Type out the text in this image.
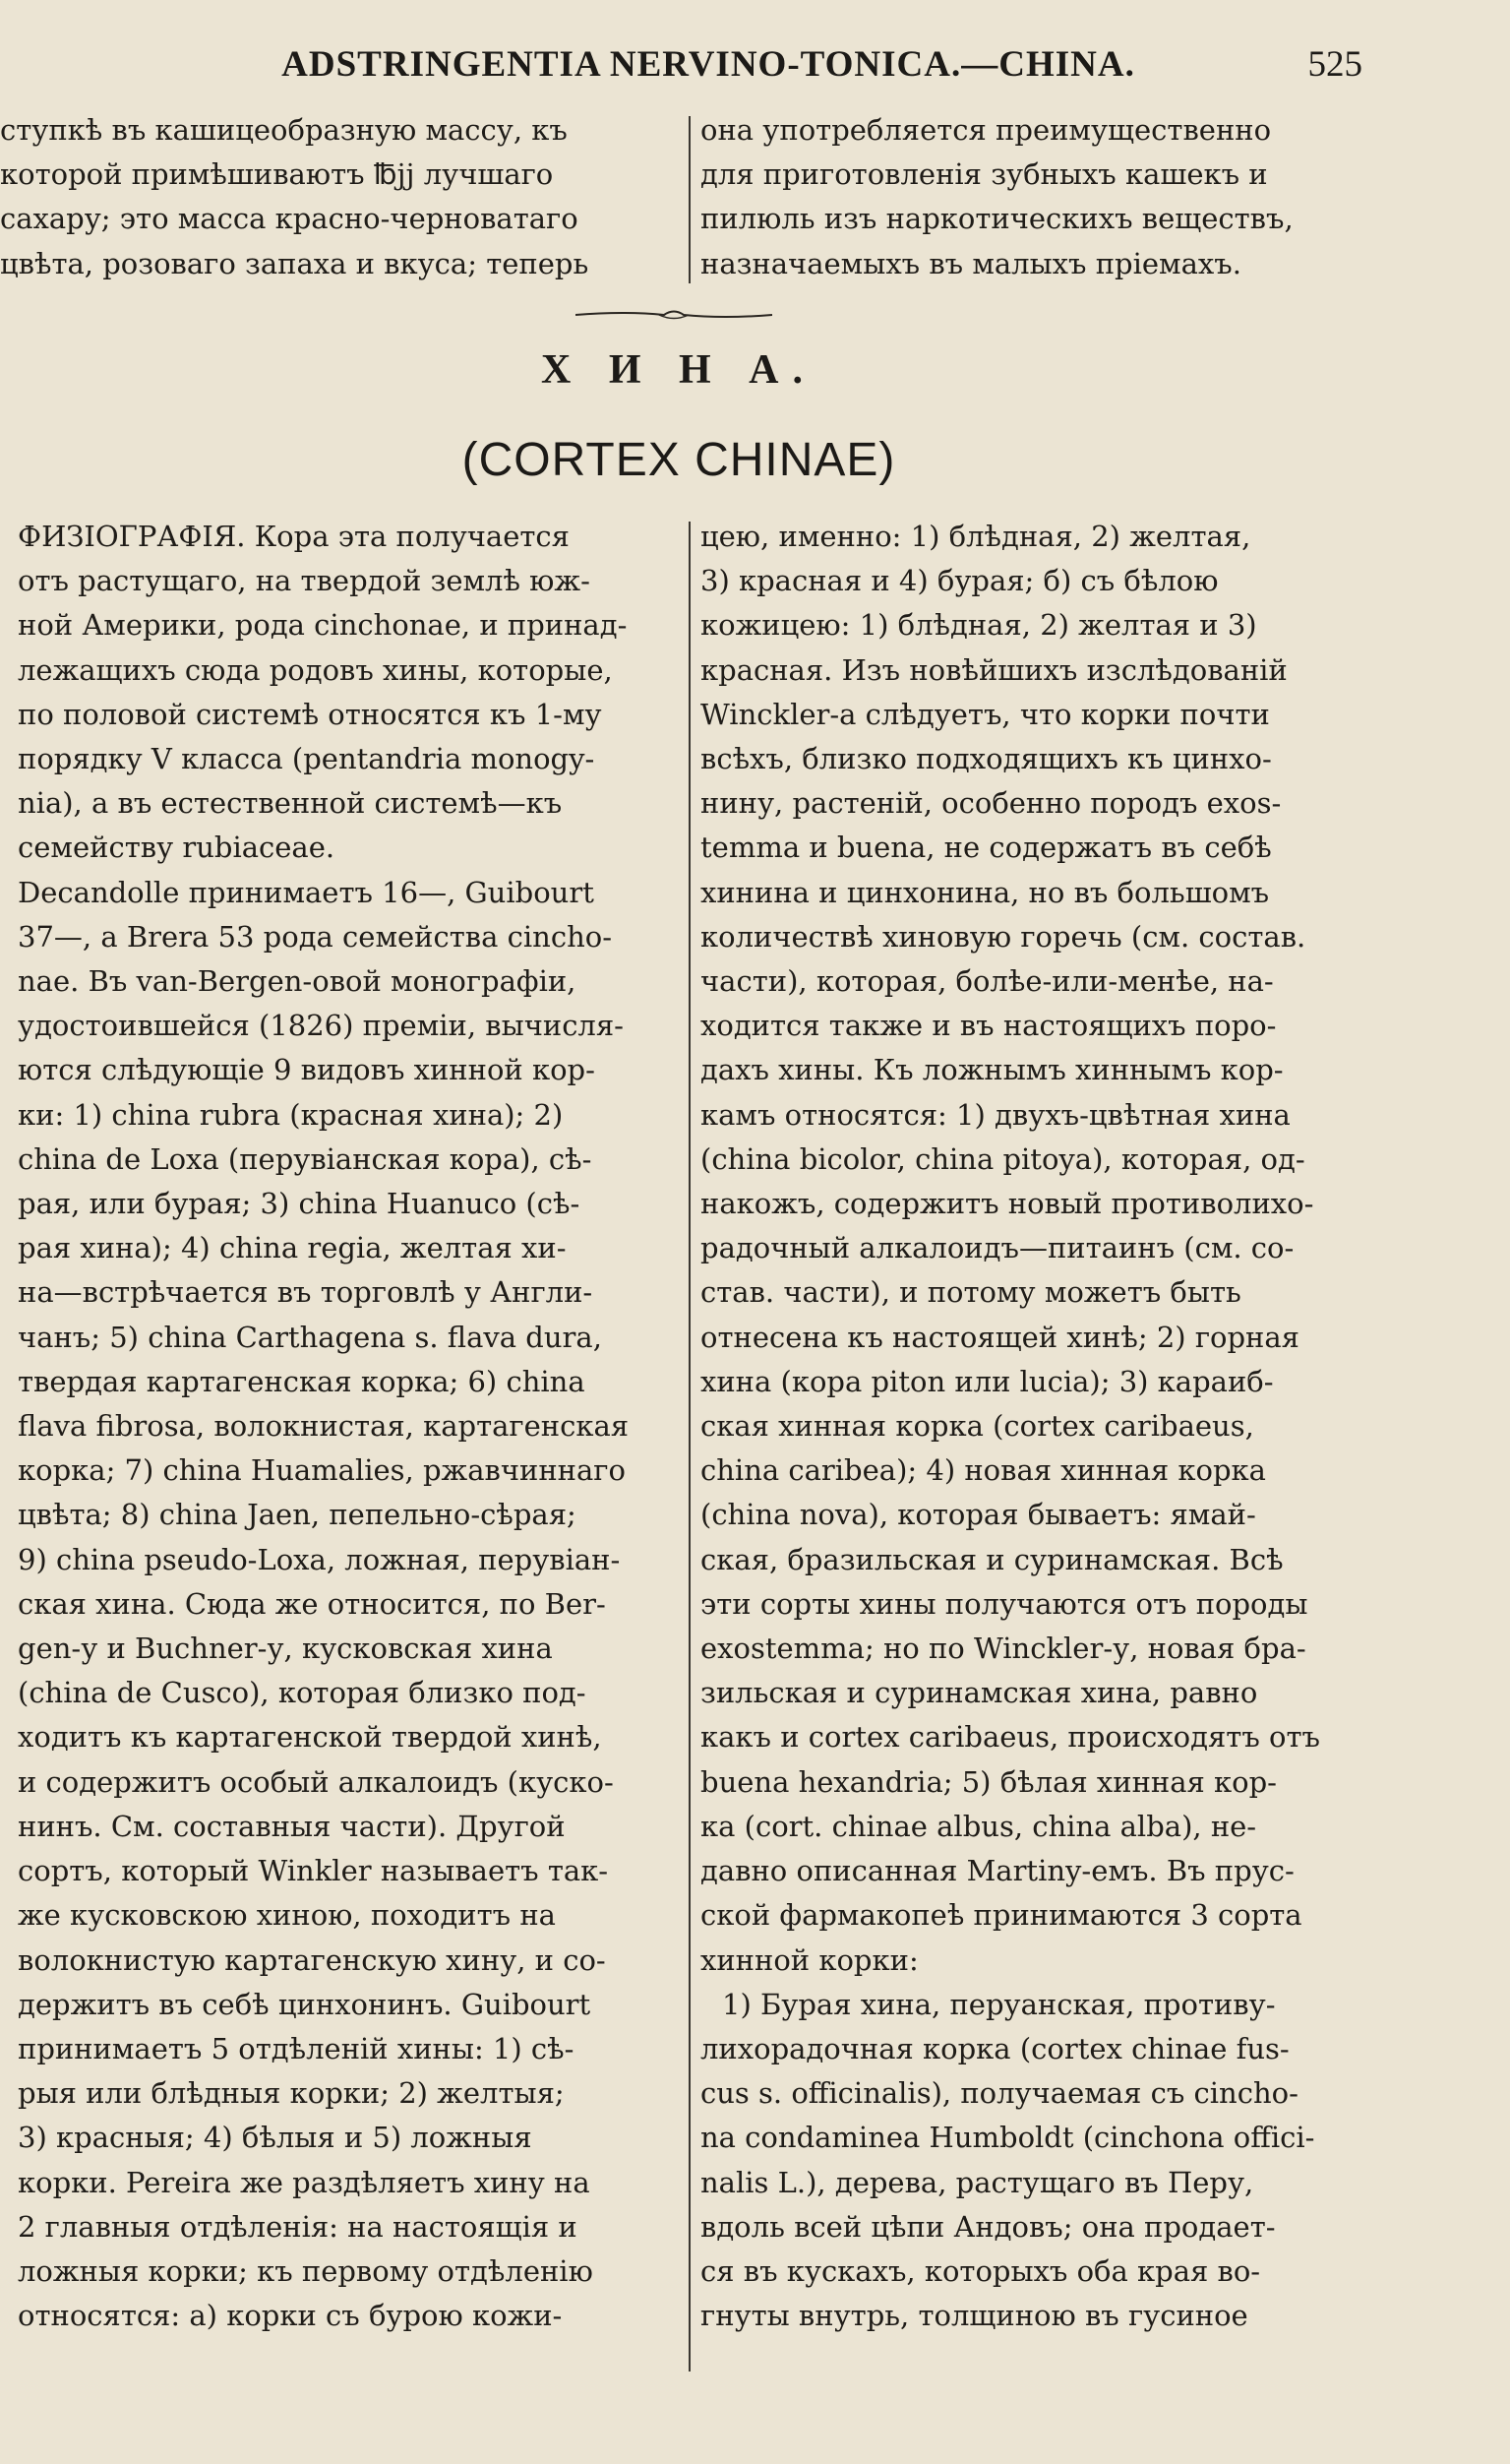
ADSTRINGENTIA NERVINO-TONICA.—CHINA.	525
ступкѣ въ кашицеобразную массу, къ
которой примѣшиваютъ ℔jj лучшаго
сахару; это масса красно-черноватаго
цвѣта, розоваго запаха и вкуса; теперь
она употребляется преимущественно
для приготовленія зубныхъ кашекъ и
пилюль изъ наркотическихъ веществъ,
назначаемыхъ въ малыхъ пріемахъ.
Х И Н А.
(CORTEX CHINAE)
ФИЗІОГРАФІЯ. Кора эта получается
отъ растущаго, на твердой землѣ юж-
ной Америки, рода cinchonae, и принад-
лежащихъ сюда родовъ хины, которые,
по половой системѣ относятся къ 1-му
порядку V класса (pentandria monogy-
nia), а въ естественной системѣ—къ
семейству rubiaceae.
Decandolle принимаетъ 16—, Guibourt
37—, а Brera 53 рода семейства cincho-
nae. Въ van-Bergen-овой монографіи,
удостоившейся (1826) преміи, вычисля-
ются слѣдующіе 9 видовъ хинной кор-
ки: 1) china rubra (красная хина); 2)
china de Loxa (перувіанская кора), сѣ-
рая, или бурая; 3) china Huanuco (сѣ-
рая хина); 4) china regia, желтая хи-
на—встрѣчается въ торговлѣ у Англи-
чанъ; 5) china Carthagena s. flava dura,
твердая картагенская корка; 6) china
flava fibrosa, волокнистая, картагенская
корка; 7) china Huamalies, ржавчиннаго
цвѣта; 8) china Jaen, пепельно-сѣрая;
9) china pseudo-Loxa, ложная, перувіан-
ская хина. Сюда же относится, по Ber-
gen-у и Buchner-у, кусковская хина
(china de Cusco), которая близко под-
ходитъ къ картагенской твердой хинѣ,
и содержитъ особый алкалоидъ (куско-
нинъ. См. составныя части). Другой
сортъ, который Winkler называетъ так-
же кусковскою хиною, походитъ на
волокнистую картагенскую хину, и со-
держитъ въ себѣ цинхонинъ. Guibourt
принимаетъ 5 отдѣленій хины: 1) сѣ-
рыя или блѣдныя корки; 2) желтыя;
3) красныя; 4) бѣлыя и 5) ложныя
корки. Pereira же раздѣляетъ хину на
2 главныя отдѣленія: на настоящія и
ложныя корки; къ первому отдѣленію
относятся: а) корки съ бурою кожи-
цею, именно: 1) блѣдная, 2) желтая,
3) красная и 4) бурая; б) съ бѣлою
кожицею: 1) блѣдная, 2) желтая и 3)
красная. Изъ новѣйшихъ изслѣдованій
Winckler-a слѣдуетъ, что корки почти
всѣхъ, близко подходящихъ къ цинхо-
нину, растеній, особенно породъ exos-
temma и buena, не содержатъ въ себѣ
хинина и цинхонина, но въ большомъ
количествѣ хиновую горечь (см. состав.
части), которая, болѣе-или-менѣе, на-
ходится также и въ настоящихъ поро-
дахъ хины. Къ ложнымъ хиннымъ кор-
камъ относятся: 1) двухъ-цвѣтная хина
(china bicolor, china pitoya), которая, од-
накожъ, содержитъ новый противолихо-
радочный алкалоидъ—питаинъ (см. со-
став. части), и потому можетъ быть
отнесена къ настоящей хинѣ; 2) горная
хина (кора piton или lucia); 3) караиб-
ская хинная корка (cortex caribaeus,
china caribea); 4) новая хинная корка
(china nova), которая бываетъ: ямай-
ская, бразильская и суринамская. Всѣ
эти сорты хины получаются отъ породы
exostemma; но по Winckler-у, новая бра-
зильская и суринамская хина, равно
какъ и cortex caribaeus, происходятъ отъ
buena hexandria; 5) бѣлая хинная кор-
ка (cort. chinae albus, china alba), не-
давно описанная Martiny-емъ. Въ прус-
ской фармакопеѣ принимаются 3 сорта
хинной корки:
1) Бурая хина, перуанская, противу-
лихорадочная корка (cortex chinae fus-
cus s. officinalis), получаемая съ cincho-
na condaminea Humboldt (cinchona offici-
nalis L.), дерева, растущаго въ Перу,
вдоль всей цѣпи Андовъ; она продает-
ся въ кускахъ, которыхъ оба края во-
гнуты внутрь, толщиною въ гусиное
